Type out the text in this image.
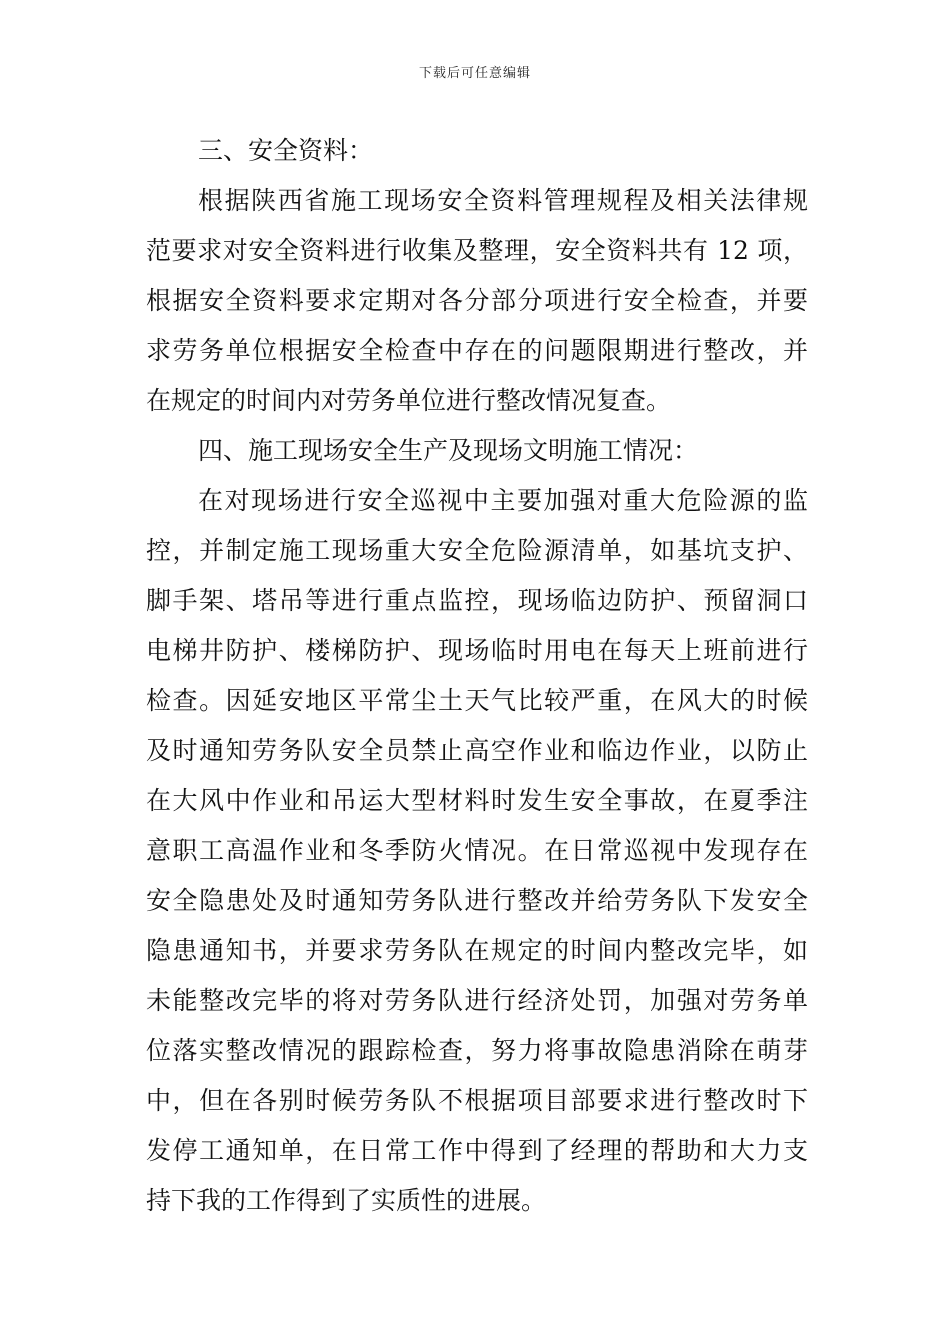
下载后可任意编辑
三、安全资料：
根据陕西省施工现场安全资料管理规程及相关法律规
范要求对安全资料进行收集及整理，安全资料共有 12 项，
根据安全资料要求定期对各分部分项进行安全检查，并要
求劳务单位根据安全检查中存在的问题限期进行整改，并
在规定的时间内对劳务单位进行整改情况复查。
四、施工现场安全生产及现场文明施工情况：
在对现场进行安全巡视中主要加强对重大危险源的监
控，并制定施工现场重大安全危险源清单，如基坑支护、
脚手架、塔吊等进行重点监控，现场临边防护、预留洞口
电梯井防护、楼梯防护、现场临时用电在每天上班前进行
检查。因延安地区平常尘土天气比较严重，在风大的时候
及时通知劳务队安全员禁止高空作业和临边作业，以防止
在大风中作业和吊运大型材料时发生安全事故，在夏季注
意职工高温作业和冬季防火情况。在日常巡视中发现存在
安全隐患处及时通知劳务队进行整改并给劳务队下发安全
隐患通知书，并要求劳务队在规定的时间内整改完毕，如
未能整改完毕的将对劳务队进行经济处罚，加强对劳务单
位落实整改情况的跟踪检查，努力将事故隐患消除在萌芽
中，但在各别时候劳务队不根据项目部要求进行整改时下
发停工通知单，在日常工作中得到了经理的帮助和大力支
持下我的工作得到了实质性的进展。
